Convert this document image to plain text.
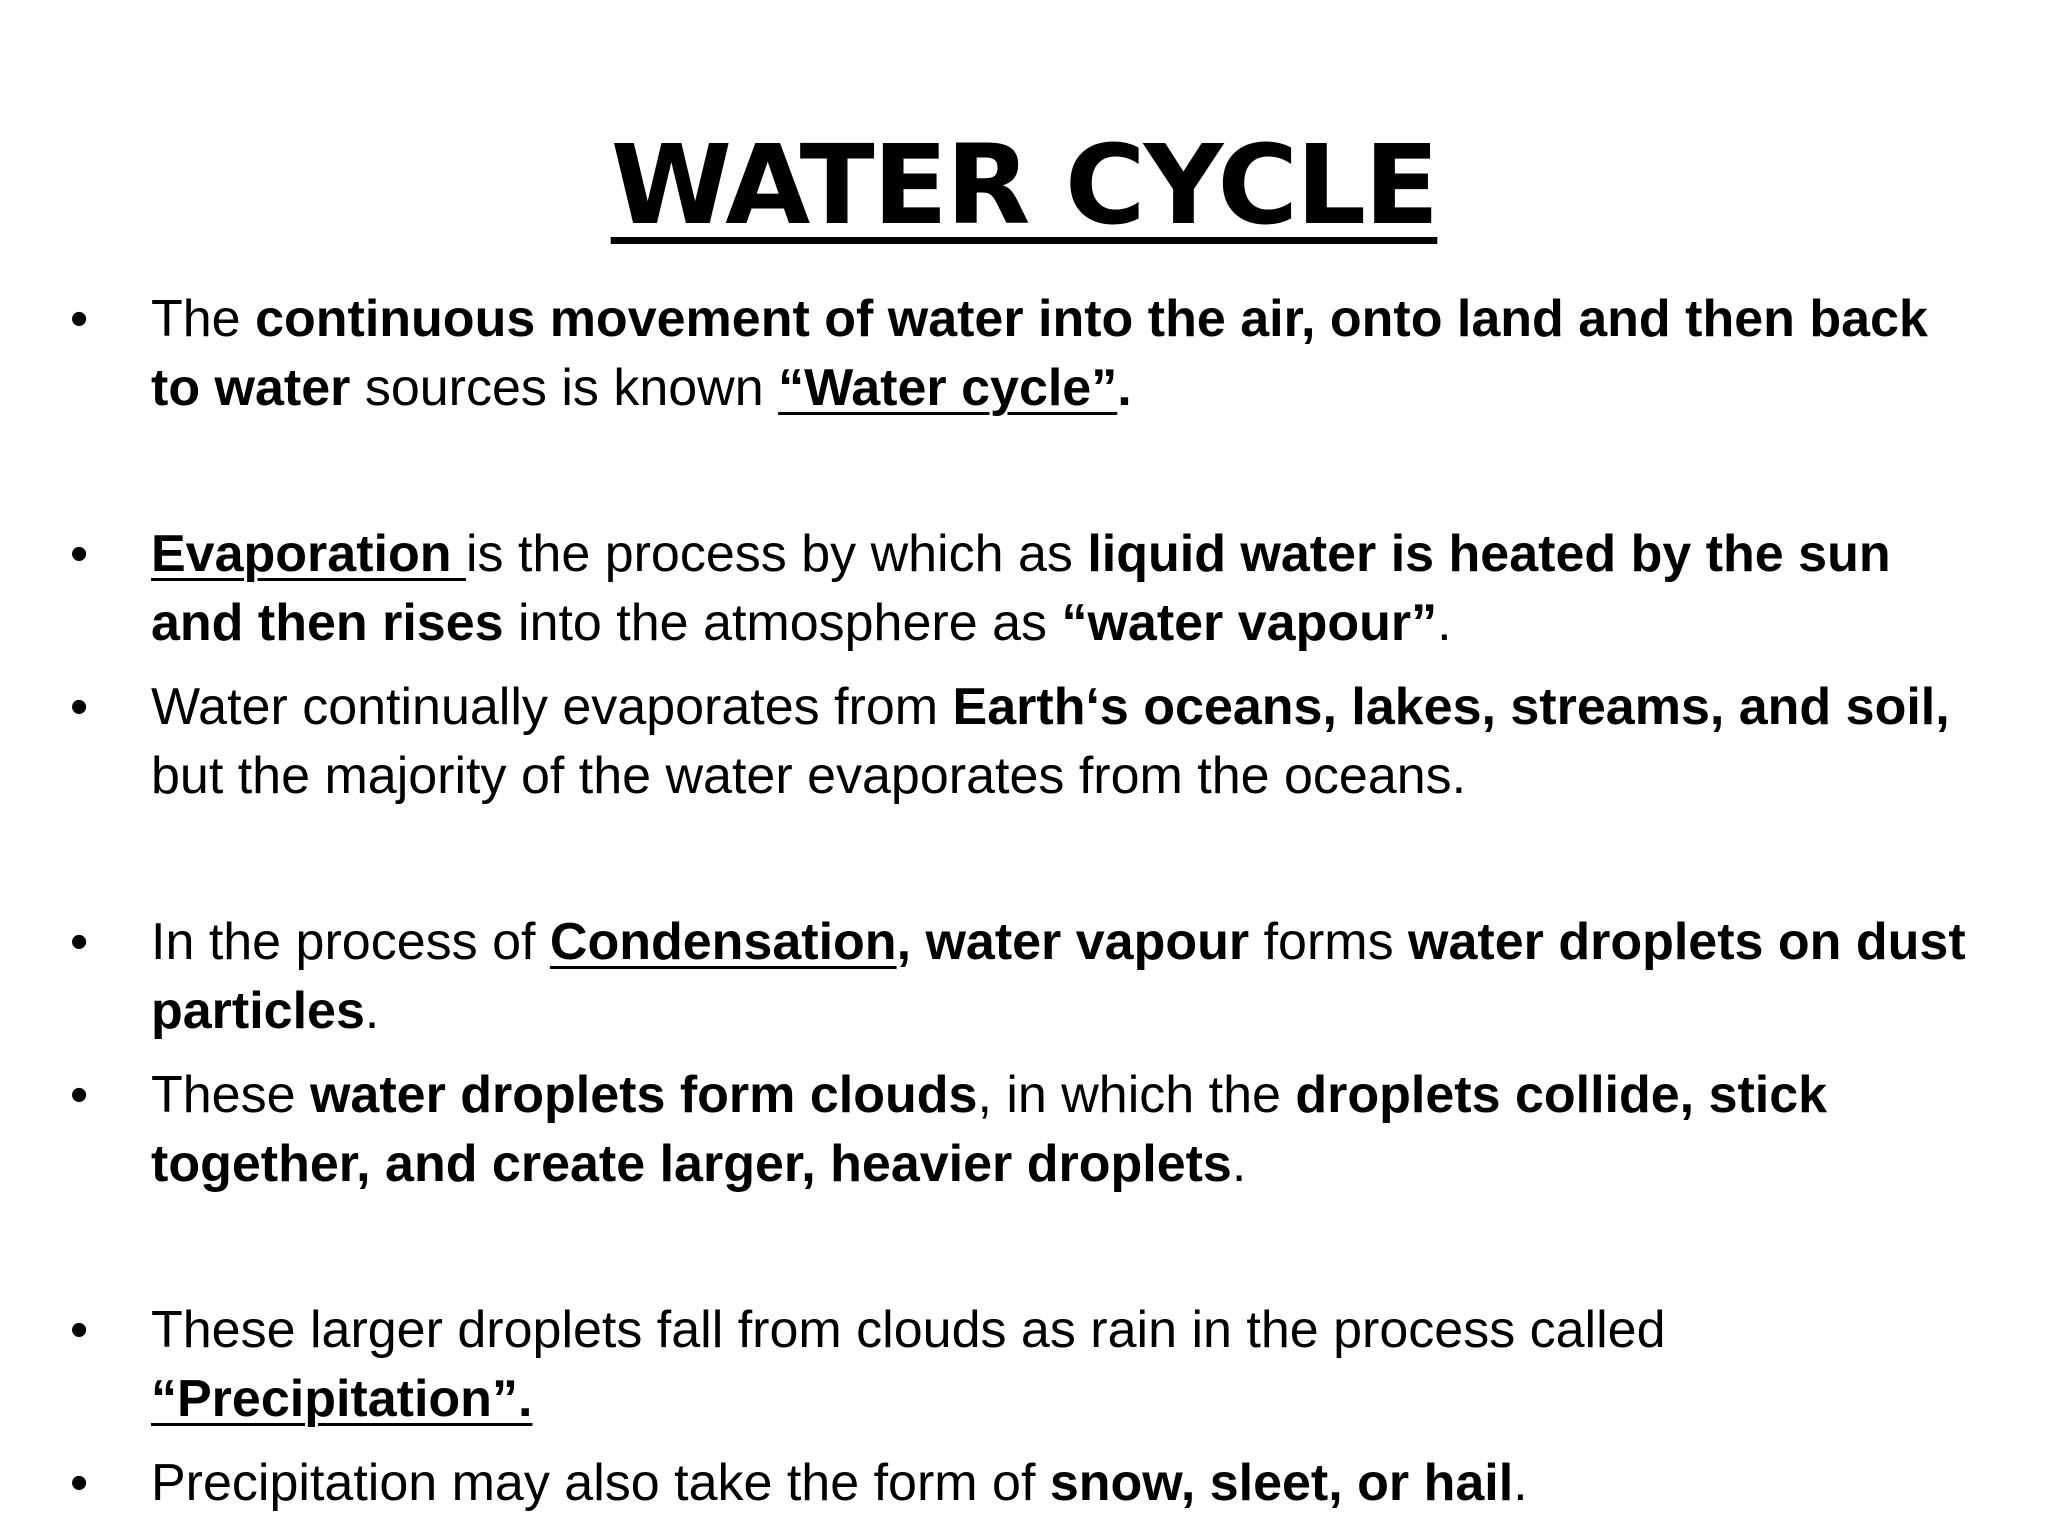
WATER CYCLE
• The continuous movement of water into the air, onto land and then back to water sources is known “Water cycle”.
• Evaporation is the process by which as liquid water is heated by the sun and then rises into the atmosphere as “water vapour”.
• Water continually evaporates from Earth‘s oceans, lakes, streams, and soil, but the majority of the water evaporates from the oceans.
• In the process of Condensation, water vapour forms water droplets on dust particles.
• These water droplets form clouds, in which the droplets collide, stick together, and create larger, heavier droplets.
• These larger droplets fall from clouds as rain in the process called “Precipitation”.
• Precipitation may also take the form of snow, sleet, or hail.
